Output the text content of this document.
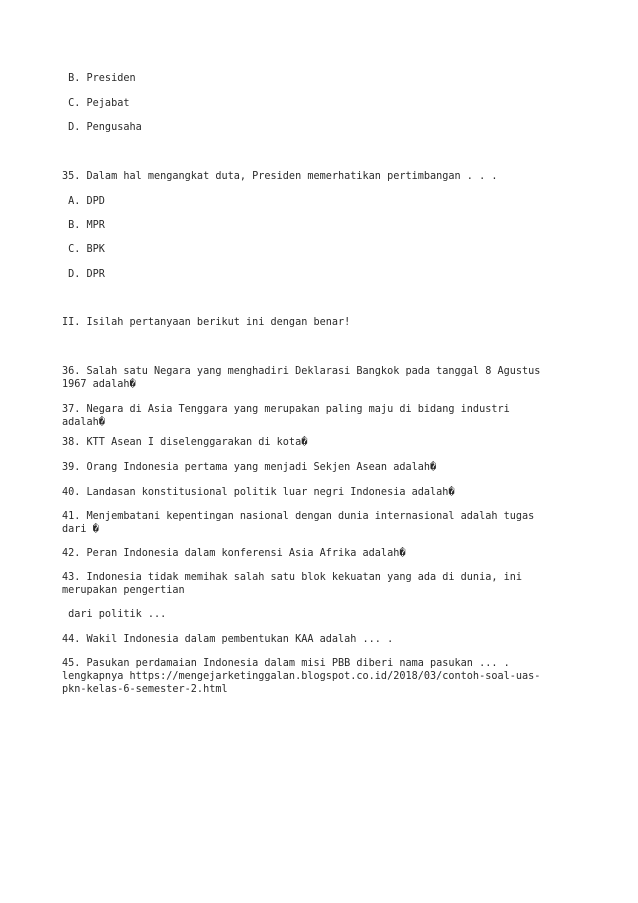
B. Presiden

C. Pejabat

D. Pengusaha

35. Dalam hal mengangkat duta, Presiden memerhatikan pertimbangan . . .

A. DPD

B. MPR

C. BPK

D. DPR

II. Isilah pertanyaan berikut ini dengan benar!

36. Salah satu Negara yang menghadiri Deklarasi Bangkok pada tanggal 8 Agustus

1967 adalah�

37. Negara di Asia Tenggara yang merupakan paling maju di bidang industri

adalah�

38. KTT Asean I diselenggarakan di kota�

39. Orang Indonesia pertama yang menjadi Sekjen Asean adalah�

40. Landasan konstitusional politik luar negri Indonesia adalah�

41. Menjembatani kepentingan nasional dengan dunia internasional adalah tugas

dari �

42. Peran Indonesia dalam konferensi Asia Afrika adalah�

43. Indonesia tidak memihak salah satu blok kekuatan yang ada di dunia, ini

merupakan pengertian

dari politik ...

44. Wakil Indonesia dalam pembentukan KAA adalah ... .

45. Pasukan perdamaian Indonesia dalam misi PBB diberi nama pasukan ... .

lengkapnya https://mengejarketinggalan.blogspot.co.id/2018/03/contoh-soal-uas-

pkn-kelas-6-semester-2.html
